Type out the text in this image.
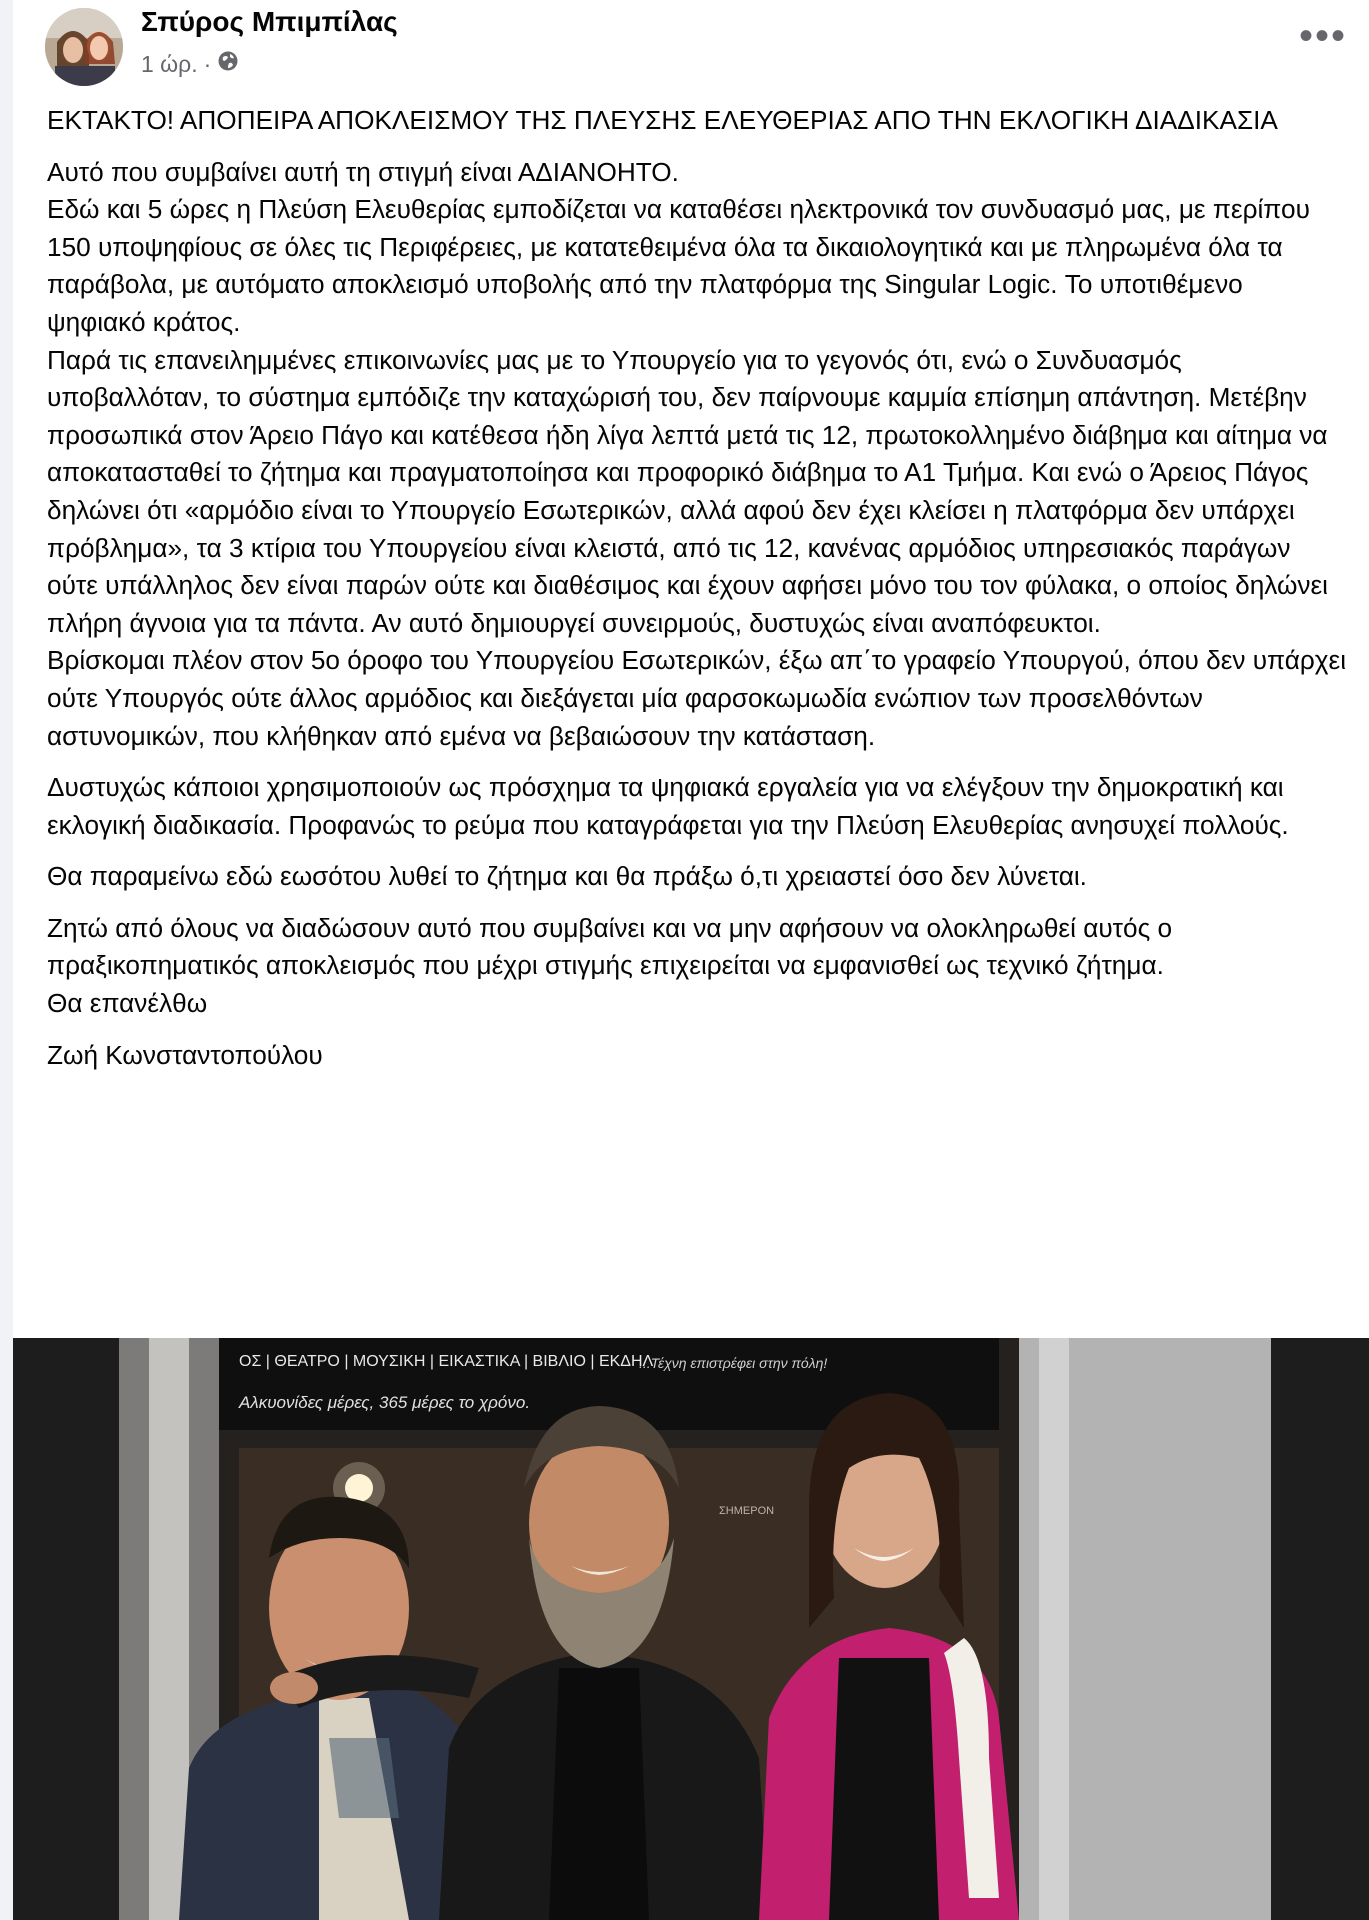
Σπύρος Μπιμπίλας
1 ώρ. ·
•••

ΕΚΤΑΚΤΟ! ΑΠΟΠΕΙΡΑ ΑΠΟΚΛΕΙΣΜΟΥ ΤΗΣ ΠΛΕΥΣΗΣ ΕΛΕΥΘΕΡΙΑΣ ΑΠΟ ΤΗΝ ΕΚΛΟΓΙΚΗ ΔΙΑΔΙΚΑΣΙΑ

Αυτό που συμβαίνει αυτή τη στιγμή είναι ΑΔΙΑΝΟΗΤΟ.
Εδώ και 5 ώρες η Πλεύση Ελευθερίας εμποδίζεται να καταθέσει ηλεκτρονικά τον συνδυασμό μας, με περίπου 150 υποψηφίους σε όλες τις Περιφέρειες, με κατατεθειμένα όλα τα δικαιολογητικά και με πληρωμένα όλα τα παράβολα, με αυτόματο αποκλεισμό υποβολής από την πλατφόρμα της Singular Logic. Το υποτιθέμενο ψηφιακό κράτος.
Παρά τις επανειλημμένες επικοινωνίες μας με το Υπουργείο για το γεγονός ότι, ενώ ο Συνδυασμός υποβαλλόταν, το σύστημα εμπόδιζε την καταχώρισή του, δεν παίρνουμε καμμία επίσημη απάντηση. Μετέβην προσωπικά στον Άρειο Πάγο και κατέθεσα ήδη λίγα λεπτά μετά τις 12, πρωτοκολλημένο διάβημα και αίτημα να αποκατασταθεί το ζήτημα και πραγματοποίησα και προφορικό διάβημα το Α1 Τμήμα. Και ενώ ο Άρειος Πάγος δηλώνει ότι «αρμόδιο είναι το Υπουργείο Εσωτερικών, αλλά αφού δεν έχει κλείσει η πλατφόρμα δεν υπάρχει πρόβλημα», τα 3 κτίρια του Υπουργείου είναι κλειστά, από τις 12, κανένας αρμόδιος υπηρεσιακός παράγων ούτε υπάλληλος δεν είναι παρών ούτε και διαθέσιμος και έχουν αφήσει μόνο του τον φύλακα, ο οποίος δηλώνει πλήρη άγνοια για τα πάντα. Αν αυτό δημιουργεί συνειρμούς, δυστυχώς είναι αναπόφευκτοι.
Βρίσκομαι πλέον στον 5ο όροφο του Υπουργείου Εσωτερικών, έξω απ΄το γραφείο Υπουργού, όπου δεν υπάρχει ούτε Υπουργός ούτε άλλος αρμόδιος και διεξάγεται μία φαρσοκωμωδία ενώπιον των προσελθόντων αστυνομικών, που κλήθηκαν από εμένα να βεβαιώσουν την κατάσταση.

Δυστυχώς κάποιοι χρησιμοποιούν ως πρόσχημα τα ψηφιακά εργαλεία για να ελέγξουν την δημοκρατική και εκλογική διαδικασία. Προφανώς το ρεύμα που καταγράφεται για την Πλεύση Ελευθερίας ανησυχεί πολλούς.

Θα παραμείνω εδώ εωσότου λυθεί το ζήτημα και θα πράξω ό,τι χρειαστεί όσο δεν λύνεται.

Ζητώ από όλους να διαδώσουν αυτό που συμβαίνει και να μην αφήσουν να ολοκληρωθεί αυτός ο πραξικοπηματικός αποκλεισμός που μέχρι στιγμής επιχειρείται να εμφανισθεί ως τεχνικό ζήτημα.
Θα επανέλθω

Ζωή Κωνσταντοπούλου

ΟΣ | ΘΕΑΤΡΟ | ΜΟΥΣΙΚΗ | ΕΙΚΑΣΤΙΚΑ | ΒΙΒΛΙΟ | ΕΚΔΗΛ
...Τέχνη επιστρέφει στην πόλη!
Αλκυονίδες μέρες, 365 μέρες το χρόνο.
ΣΗΜΕΡΟΝ
